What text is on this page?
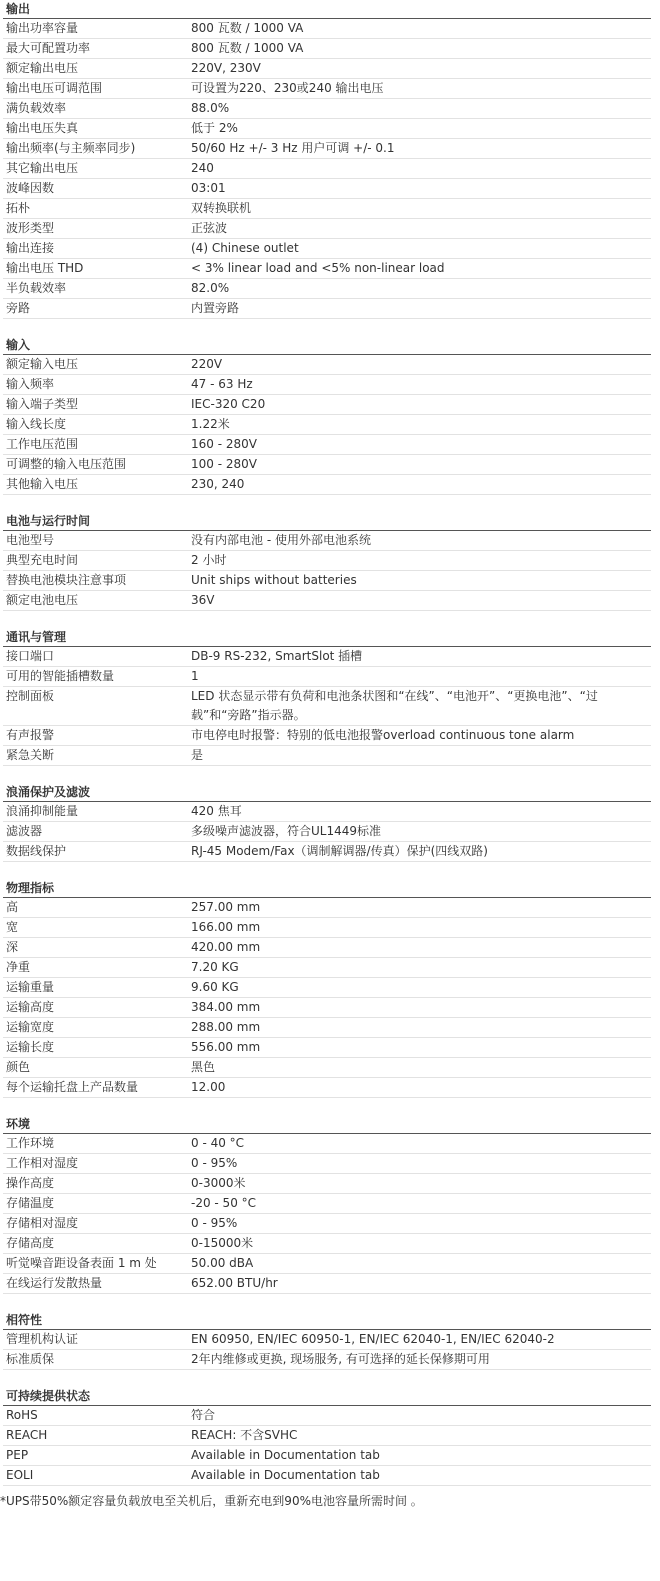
输出
输出功率容量	800 瓦数 / 1000 VA
最大可配置功率	800 瓦数 / 1000 VA
额定输出电压	220V, 230V
输出电压可调范围	可设置为220、230或240 输出电压
满负载效率	88.0%
输出电压失真	低于 2%
输出频率(与主频率同步)	50/60 Hz +/- 3 Hz 用户可调 +/- 0.1
其它输出电压	240
波峰因数	03:01
拓朴	双转换联机
波形类型	正弦波
输出连接	(4) Chinese outlet
输出电压 THD	< 3% linear load and <5% non-linear load
半负载效率	82.0%
旁路	内置旁路
输入
额定输入电压	220V
输入频率	47 - 63 Hz
输入端子类型	IEC-320 C20
输入线长度	1.22米
工作电压范围	160 - 280V
可调整的输入电压范围	100 - 280V
其他输入电压	230, 240
电池与运行时间
电池型号	没有内部电池 - 使用外部电池系统
典型充电时间	2 小时
替换电池模块注意事项	Unit ships without batteries
额定电池电压	36V
通讯与管理
接口端口	DB-9 RS-232, SmartSlot 插槽
可用的智能插槽数量	1
控制面板	LED 状态显示带有负荷和电池条状图和“在线”、“电池开”、“更换电池”、“过载”和“旁路”指示器。
有声报警	市电停电时报警：特别的低电池报警overload continuous tone alarm
紧急关断	是
浪涌保护及滤波
浪涌抑制能量	420 焦耳
滤波器	多级噪声滤波器，符合UL1449标准
数据线保护	RJ-45 Modem/Fax（调制解调器/传真）保护(四线双路)
物理指标
高	257.00 mm
宽	166.00 mm
深	420.00 mm
净重	7.20 KG
运输重量	9.60 KG
运输高度	384.00 mm
运输宽度	288.00 mm
运输长度	556.00 mm
颜色	黑色
每个运输托盘上产品数量	12.00
环境
工作环境	0 - 40 °C
工作相对湿度	0 - 95%
操作高度	0-3000米
存储温度	-20 - 50 °C
存储相对湿度	0 - 95%
存储高度	0-15000米
听觉噪音距设备表面 1 m 处	50.00 dBA
在线运行发散热量	652.00 BTU/hr
相符性
管理机构认证	EN 60950, EN/IEC 60950-1, EN/IEC 62040-1, EN/IEC 62040-2
标准质保	2年内维修或更换, 现场服务, 有可选择的延长保修期可用
可持续提供状态
RoHS	符合
REACH	REACH: 不含SVHC
PEP	Available in Documentation tab
EOLI	Available in Documentation tab
*UPS带50%额定容量负载放电至关机后，重新充电到90%电池容量所需时间 。
